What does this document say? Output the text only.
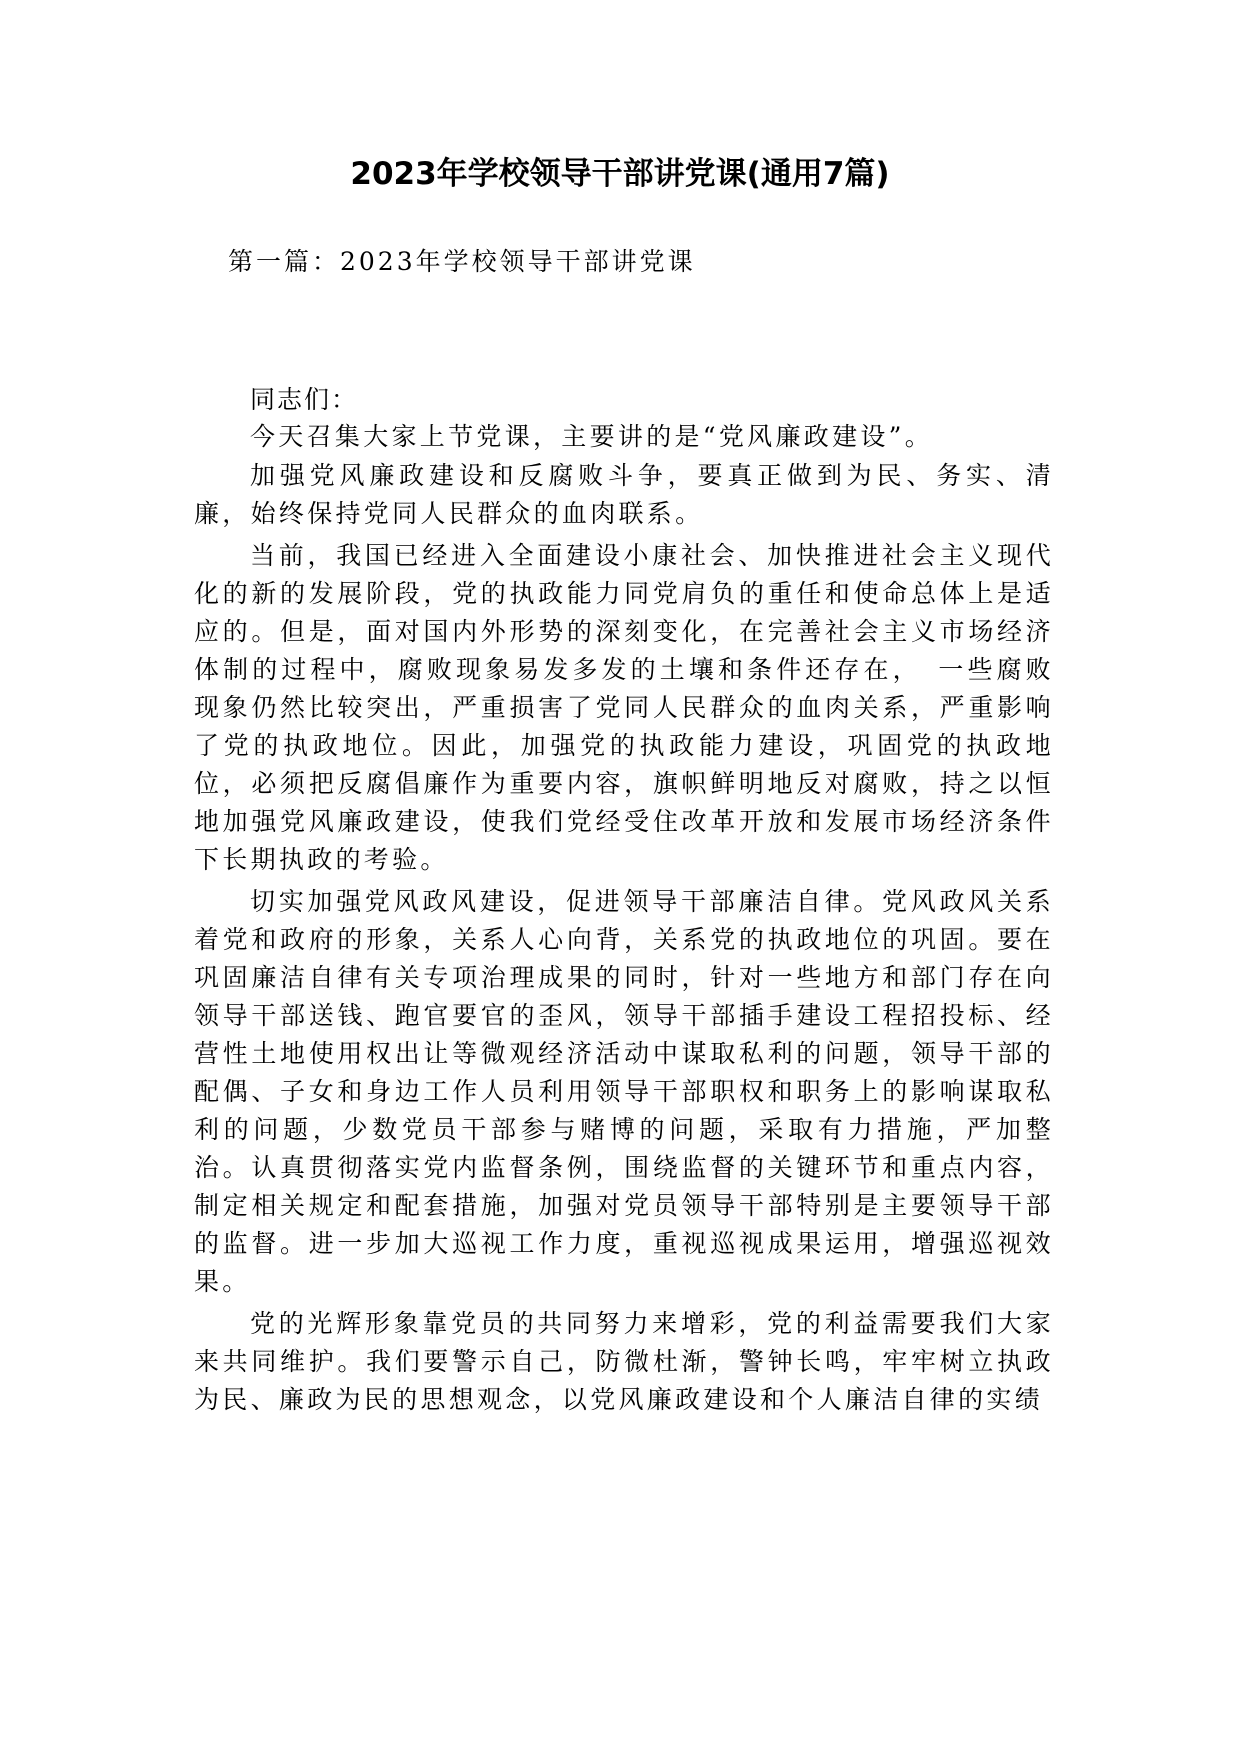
2023年学校领导干部讲党课(通用7篇)
第一篇：2023年学校领导干部讲党课
同志们：

今天召集大家上节党课，主要讲的是“党风廉政建设”。

加强党风廉政建设和反腐败斗争，要真正做到为民、务实、清廉，始终保持党同人民群众的血肉联系。

当前，我国已经进入全面建设小康社会、加快推进社会主义现代化的新的发展阶段，党的执政能力同党肩负的重任和使命总体上是适应的。但是，面对国内外形势的深刻变化，在完善社会主义市场经济体制的过程中，腐败现象易发多发的土壤和条件还存在，　一些腐败现象仍然比较突出，严重损害了党同人民群众的血肉关系，严重影响了党的执政地位。因此，加强党的执政能力建设，巩固党的执政地位，必须把反腐倡廉作为重要内容，旗帜鲜明地反对腐败，持之以恒地加强党风廉政建设，使我们党经受住改革开放和发展市场经济条件下长期执政的考验。

切实加强党风政风建设，促进领导干部廉洁自律。党风政风关系着党和政府的形象，关系人心向背，关系党的执政地位的巩固。要在巩固廉洁自律有关专项治理成果的同时，针对一些地方和部门存在向领导干部送钱、跑官要官的歪风，领导干部插手建设工程招投标、经营性土地使用权出让等微观经济活动中谋取私利的问题，领导干部的配偶、子女和身边工作人员利用领导干部职权和职务上的影响谋取私利的问题，少数党员干部参与赌博的问题，采取有力措施，严加整治。认真贯彻落实党内监督条例，围绕监督的关键环节和重点内容，制定相关规定和配套措施，加强对党员领导干部特别是主要领导干部的监督。进一步加大巡视工作力度，重视巡视成果运用，增强巡视效果。

党的光辉形象靠党员的共同努力来增彩，党的利益需要我们大家来共同维护。我们要警示自己，防微杜渐，警钟长鸣，牢牢树立执政为民、廉政为民的思想观念，以党风廉政建设和个人廉洁自律的实绩
